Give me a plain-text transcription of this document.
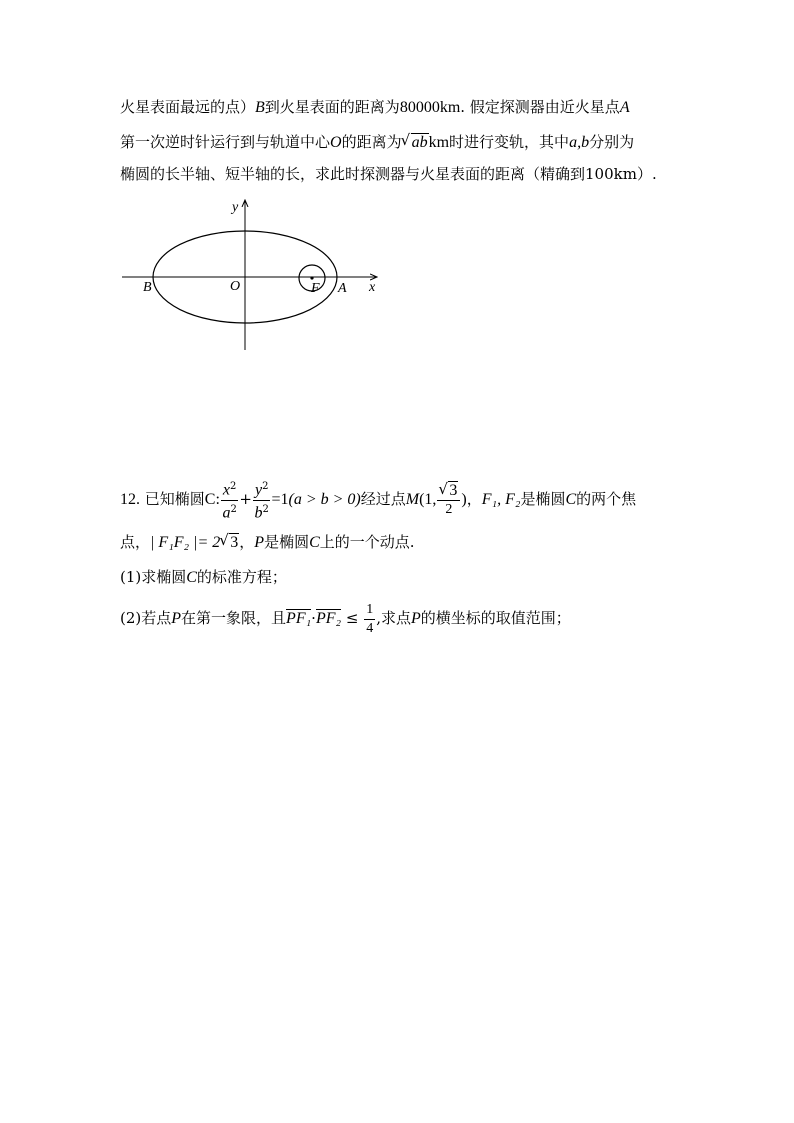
火星表面最远的点）B到火星表面的距离为80000km. 假定探测器由近火星点A
第一次逆时针运行到与轨道中心O的距离为 √ abkm时进行变轨，其中a,b分别为
椭圆的长半轴、短半轴的长，求此时探测器与火星表面的距离（精确到100km）.
y
x
B	O	F A
12. 已知椭圆C: $\frac{x^2}{a^2} + \frac{y^2}{b^2} =1(a > b > 0)$经过点M(1, √ $\frac{3}{2}$ )，F₁, F₂是椭圆C的两个焦
点，| F₁F₂ |= 2 √ 3，P是椭圆C上的一个动点.
(1)求椭圆C的标准方程；
(2)若点P在第一象限，且$PF_1\cdot PF_2 \le \frac{1}{4}$ ,求点P的横坐标的取值范围；
